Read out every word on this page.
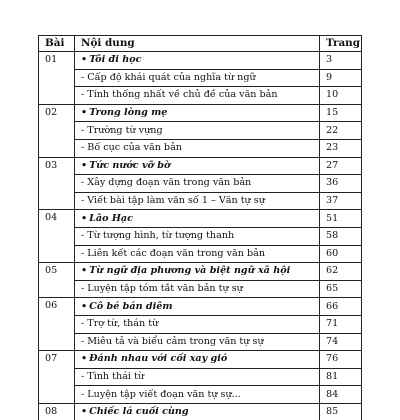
Bài	Nội dung	Trang
01	• Tôi đi học	3
	- Cấp độ khái quát của nghĩa từ ngữ	9
	- Tính thống nhất về chủ đề của văn bản	10
02	• Trong lòng mẹ	15
	- Trường từ vựng	22
	- Bố cục của văn bản	23
03	• Tức nước vỡ bờ	27
	- Xây dựng đoạn văn trong văn bản	36
	- Viết bài tập làm văn số 1 – Văn tự sự	37
04	• Lão Hạc	51
	- Từ tượng hình, từ tượng thanh	58
	- Liên kết các đoạn văn trong văn bản	60
05	• Từ ngữ địa phương và biệt ngữ xã hội	62
	- Luyện tập tóm tắt văn bản tự sự	65
06	• Cô bé bán diêm	66
	- Trợ từ, thán từ	71
	- Miêu tả và biểu cảm trong văn tự sự	74
07	• Đánh nhau với cối xay gió	76
	- Tình thái từ	81
	- Luyện tập viết đoạn văn tự sự...	84
08	• Chiếc lá cuối cùng	85
